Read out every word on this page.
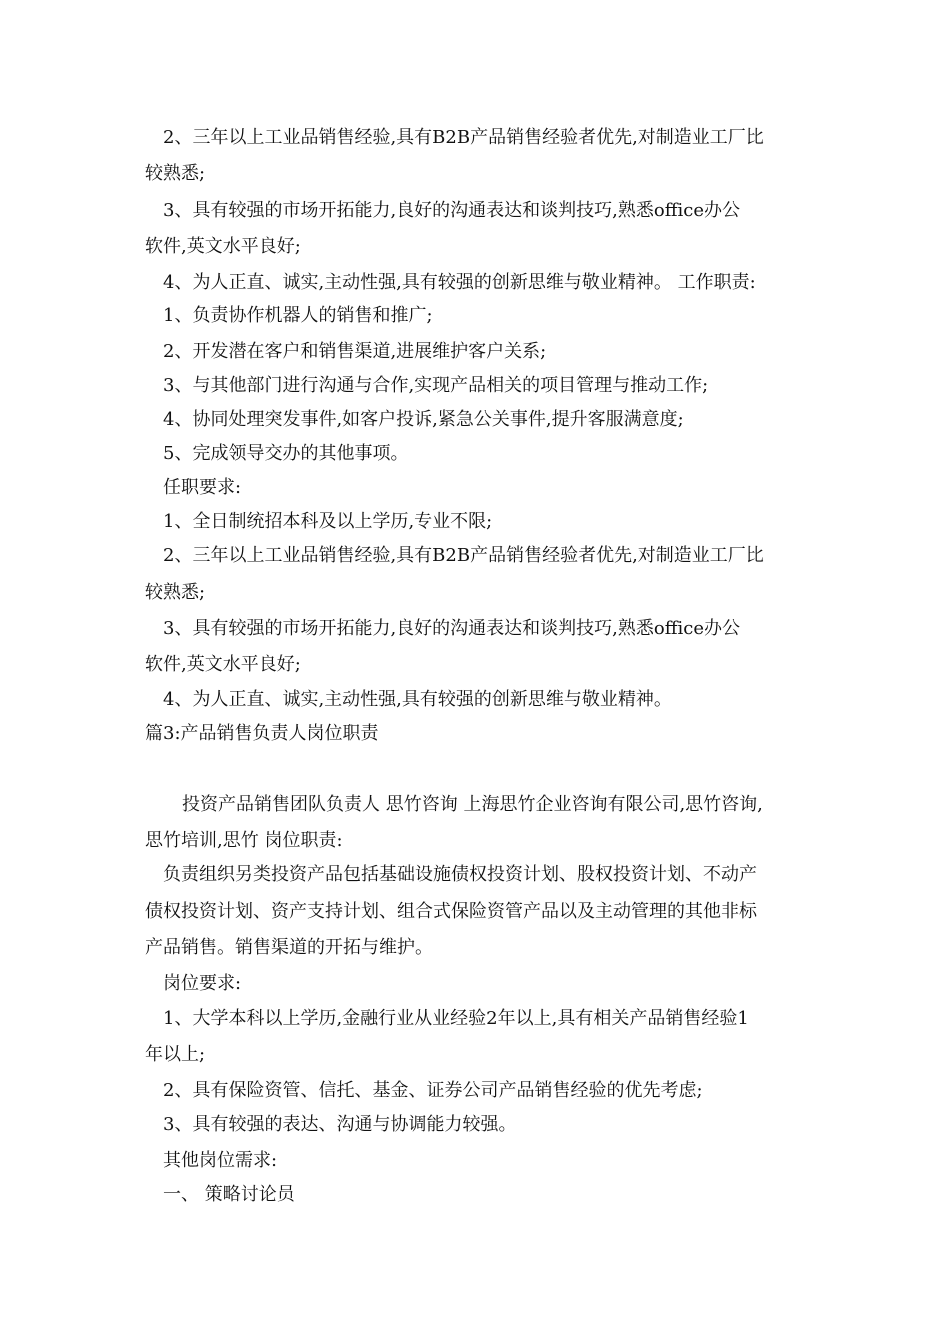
2、三年以上工业品销售经验,具有B2B产品销售经验者优先,对制造业工厂比
较熟悉;
3、具有较强的市场开拓能力,良好的沟通表达和谈判技巧,熟悉office办公
软件,英文水平良好;
4、为人正直、诚实,主动性强,具有较强的创新思维与敬业精神。 工作职责:
1、负责协作机器人的销售和推广;
2、开发潜在客户和销售渠道,进展维护客户关系;
3、与其他部门进行沟通与合作,实现产品相关的项目管理与推动工作;
4、协同处理突发事件,如客户投诉,紧急公关事件,提升客服满意度;
5、完成领导交办的其他事项。
任职要求:
1、全日制统招本科及以上学历,专业不限;
2、三年以上工业品销售经验,具有B2B产品销售经验者优先,对制造业工厂比
较熟悉;
3、具有较强的市场开拓能力,良好的沟通表达和谈判技巧,熟悉office办公
软件,英文水平良好;
4、为人正直、诚实,主动性强,具有较强的创新思维与敬业精神。
篇3:产品销售负责人岗位职责
投资产品销售团队负责人 思竹咨询 上海思竹企业咨询有限公司,思竹咨询,
思竹培训,思竹 岗位职责:
负责组织另类投资产品包括基础设施债权投资计划、股权投资计划、不动产
债权投资计划、资产支持计划、组合式保险资管产品以及主动管理的其他非标
产品销售。销售渠道的开拓与维护。
岗位要求:
1、大学本科以上学历,金融行业从业经验2年以上,具有相关产品销售经验1
年以上;
2、具有保险资管、信托、基金、证券公司产品销售经验的优先考虑;
3、具有较强的表达、沟通与协调能力较强。
其他岗位需求:
一、 策略讨论员
